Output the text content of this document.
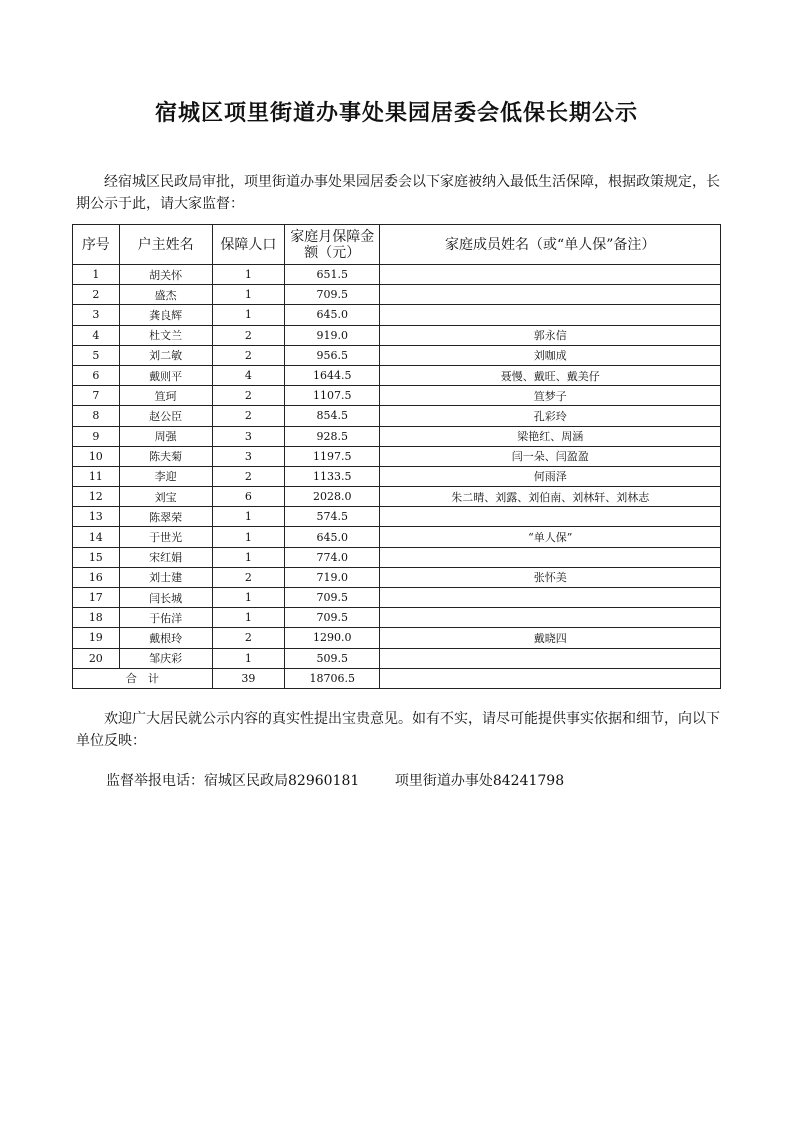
宿城区项里街道办事处果园居委会低保长期公示
经宿城区民政局审批，项里街道办事处果园居委会以下家庭被纳入最低生活保障，根据政策规定，长期公示于此，请大家监督：
序号	户主姓名	保障人口	家庭月保障金额（元）	家庭成员姓名（或“单人保”备注）
1	胡关怀	1	651.5	
2	盛杰	1	709.5	
3	龚良辉	1	645.0	
4	杜文兰	2	919.0	郭永信
5	刘二敏	2	956.5	刘咖成
6	戴则平	4	1644.5	聂慢、戴旺、戴美仔
7	笪珂	2	1107.5	笪梦子
8	赵公臣	2	854.5	孔彩玲
9	周强	3	928.5	梁艳红、周涵
10	陈夫菊	3	1197.5	闫一朵、闫盈盈
11	李迎	2	1133.5	何雨泽
12	刘宝	6	2028.0	朱二晴、刘露、刘伯南、刘林轩、刘林志
13	陈翠荣	1	574.5	
14	于世光	1	645.0	“单人保”
15	宋红娟	1	774.0	
16	刘士建	2	719.0	张怀美
17	闫长城	1	709.5	
18	于佑洋	1	709.5	
19	戴根玲	2	1290.0	戴晓四
20	邹庆彩	1	509.5	
合　计		39	18706.5	
欢迎广大居民就公示内容的真实性提出宝贵意见。如有不实，请尽可能提供事实依据和细节，向以下单位反映：
监督举报电话：宿城区民政局82960181        项里街道办事处84241798
